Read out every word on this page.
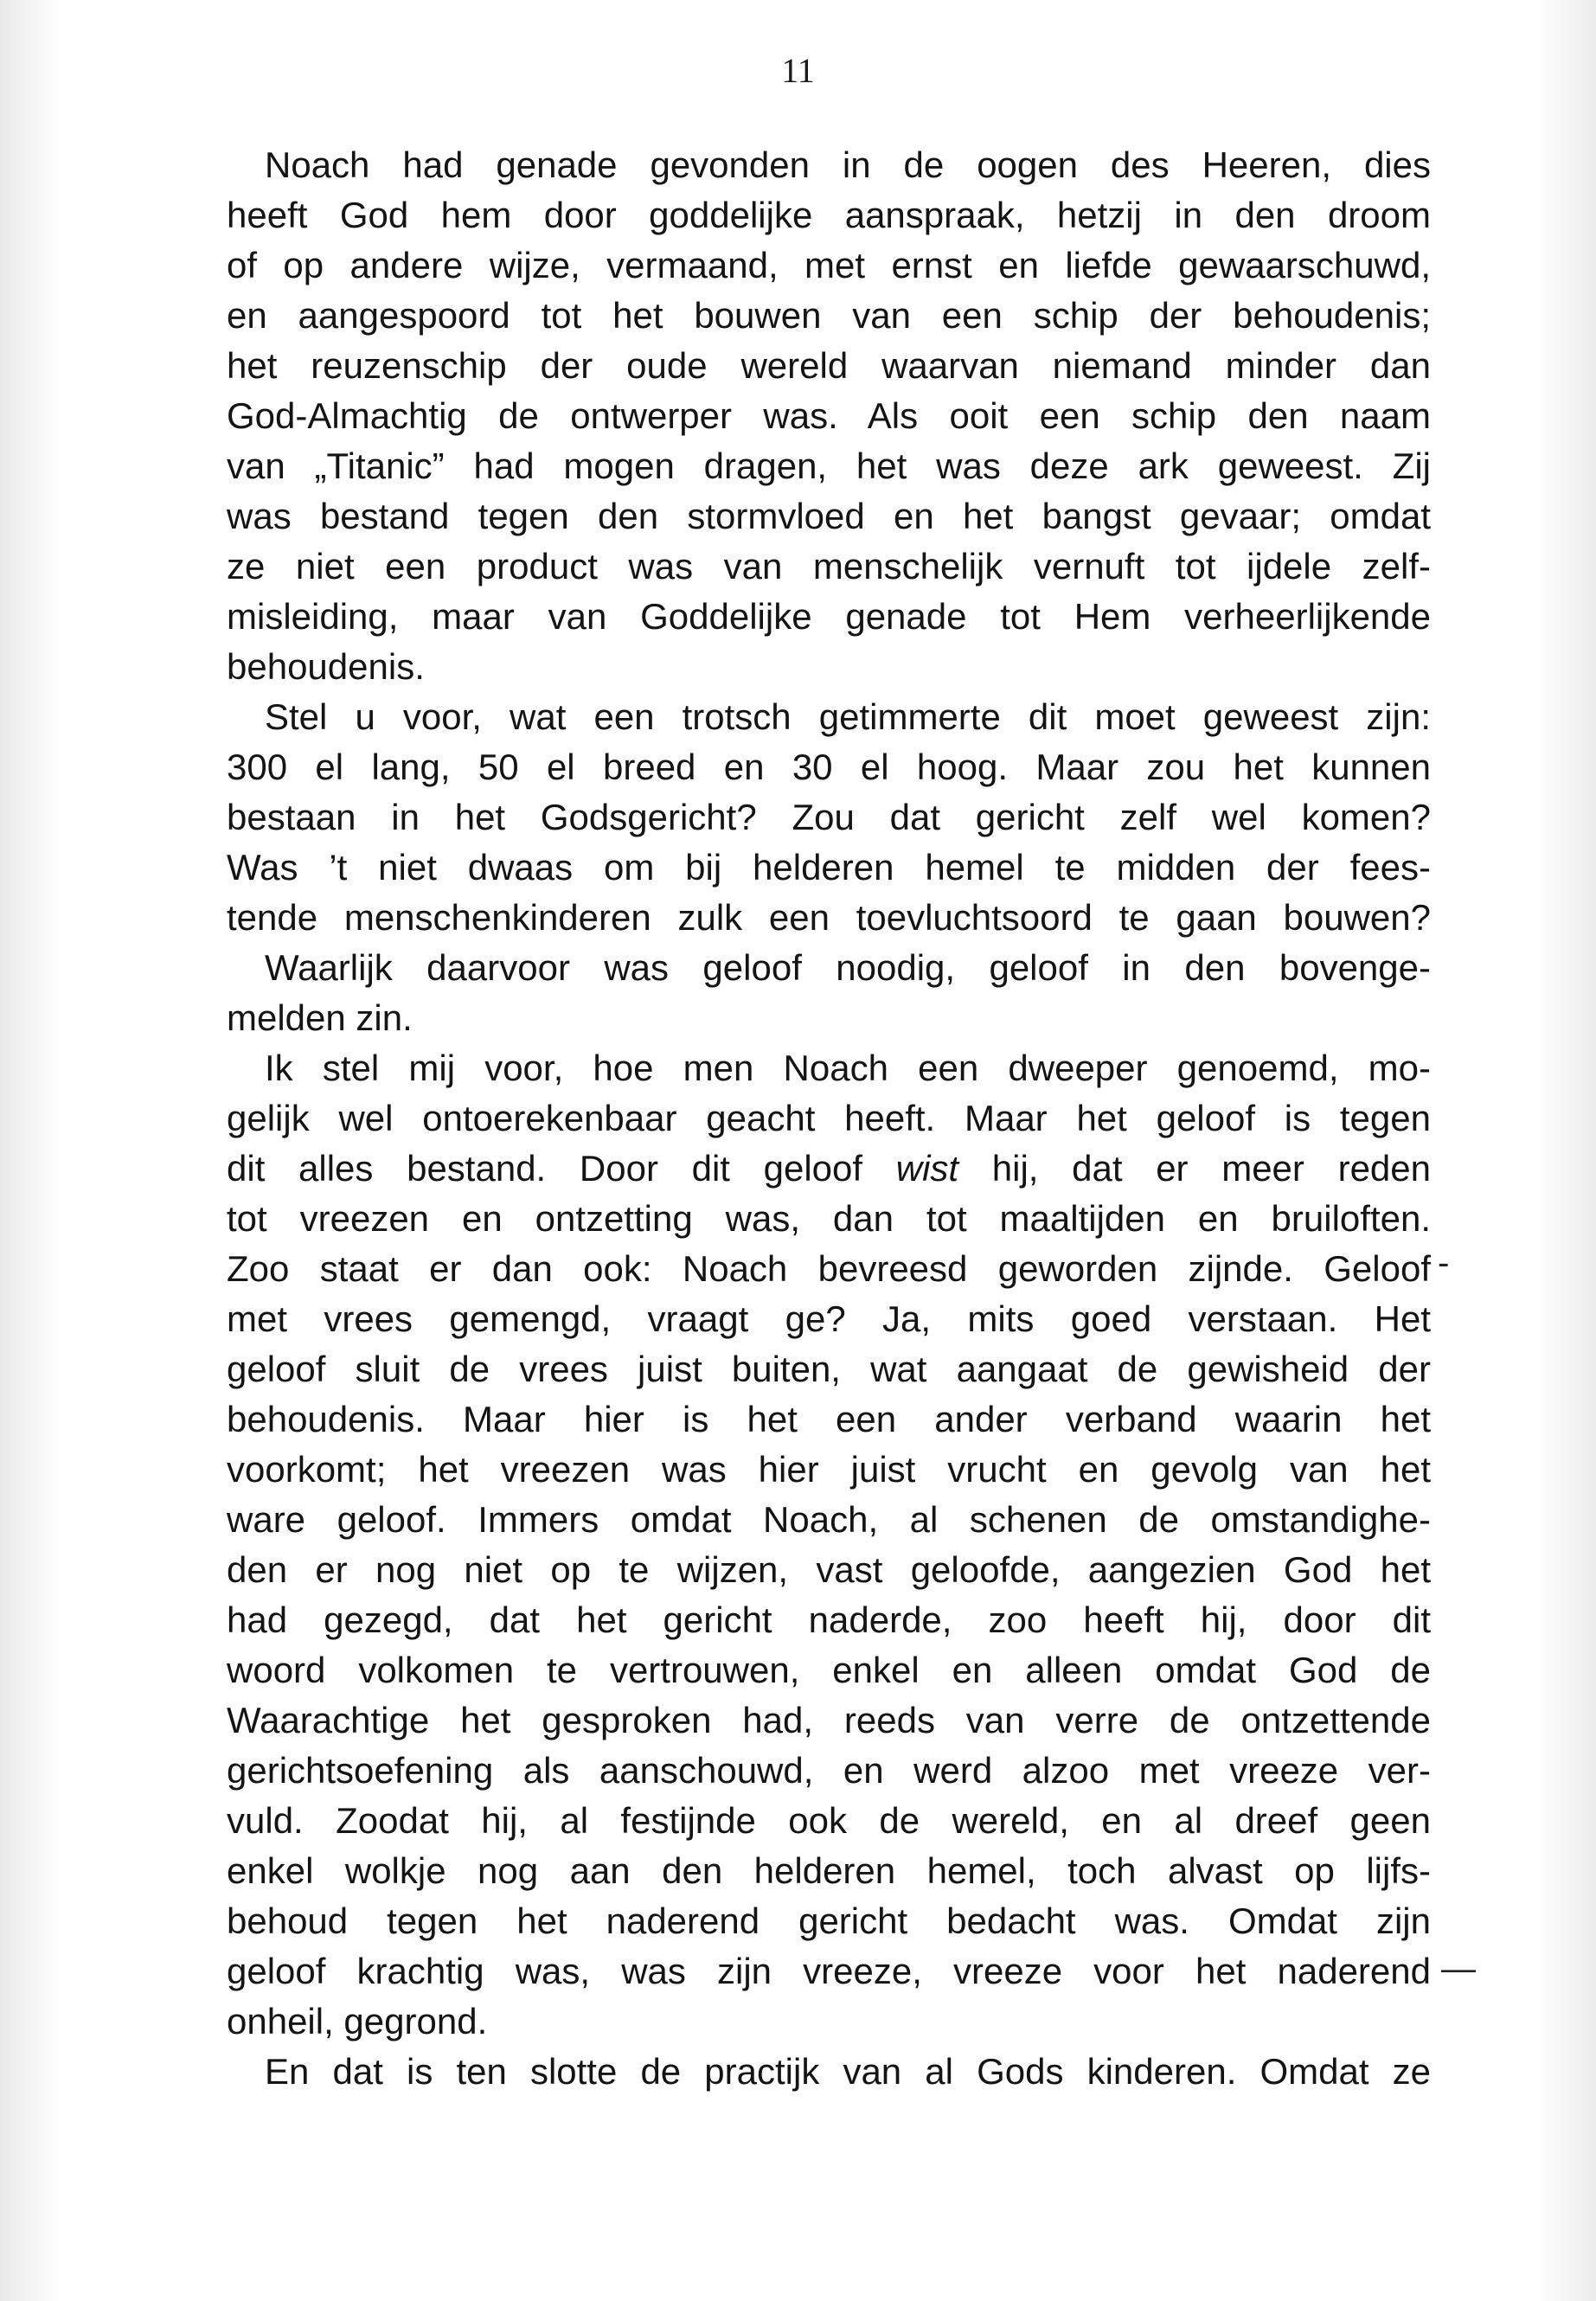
11
Noach had genade gevonden in de oogen des Heeren, dies
heeft God hem door goddelijke aanspraak, hetzij in den droom
of op andere wijze, vermaand, met ernst en liefde gewaarschuwd,
en aangespoord tot het bouwen van een schip der behoudenis;
het reuzenschip der oude wereld waarvan niemand minder dan
God-Almachtig de ontwerper was. Als ooit een schip den naam
van „Titanic” had mogen dragen, het was deze ark geweest. Zij
was bestand tegen den stormvloed en het bangst gevaar; omdat
ze niet een product was van menschelijk vernuft tot ijdele zelf-
misleiding, maar van Goddelijke genade tot Hem verheerlijkende
behoudenis.
Stel u voor, wat een trotsch getimmerte dit moet geweest zijn:
300 el lang, 50 el breed en 30 el hoog. Maar zou het kunnen
bestaan in het Godsgericht? Zou dat gericht zelf wel komen?
Was ’t niet dwaas om bij helderen hemel te midden der fees-
tende menschenkinderen zulk een toevluchtsoord te gaan bouwen?
Waarlijk daarvoor was geloof noodig, geloof in den bovenge-
melden zin.
Ik stel mij voor, hoe men Noach een dweeper genoemd, mo-
gelijk wel ontoerekenbaar geacht heeft. Maar het geloof is tegen
dit alles bestand. Door dit geloof wist hij, dat er meer reden
tot vreezen en ontzetting was, dan tot maaltijden en bruiloften.
Zoo staat er dan ook: Noach bevreesd geworden zijnde. Geloof
met vrees gemengd, vraagt ge? Ja, mits goed verstaan. Het
geloof sluit de vrees juist buiten, wat aangaat de gewisheid der
behoudenis. Maar hier is het een ander verband waarin het
voorkomt; het vreezen was hier juist vrucht en gevolg van het
ware geloof. Immers omdat Noach, al schenen de omstandighe-
den er nog niet op te wijzen, vast geloofde, aangezien God het
had gezegd, dat het gericht naderde, zoo heeft hij, door dit
woord volkomen te vertrouwen, enkel en alleen omdat God de
Waarachtige het gesproken had, reeds van verre de ontzettende
gerichtsoefening als aanschouwd, en werd alzoo met vreeze ver-
vuld. Zoodat hij, al festijnde ook de wereld, en al dreef geen
enkel wolkje nog aan den helderen hemel, toch alvast op lijfs-
behoud tegen het naderend gericht bedacht was. Omdat zijn
geloof krachtig was, was zijn vreeze, vreeze voor het naderend
onheil, gegrond.
En dat is ten slotte de practijk van al Gods kinderen. Omdat ze
-
—
